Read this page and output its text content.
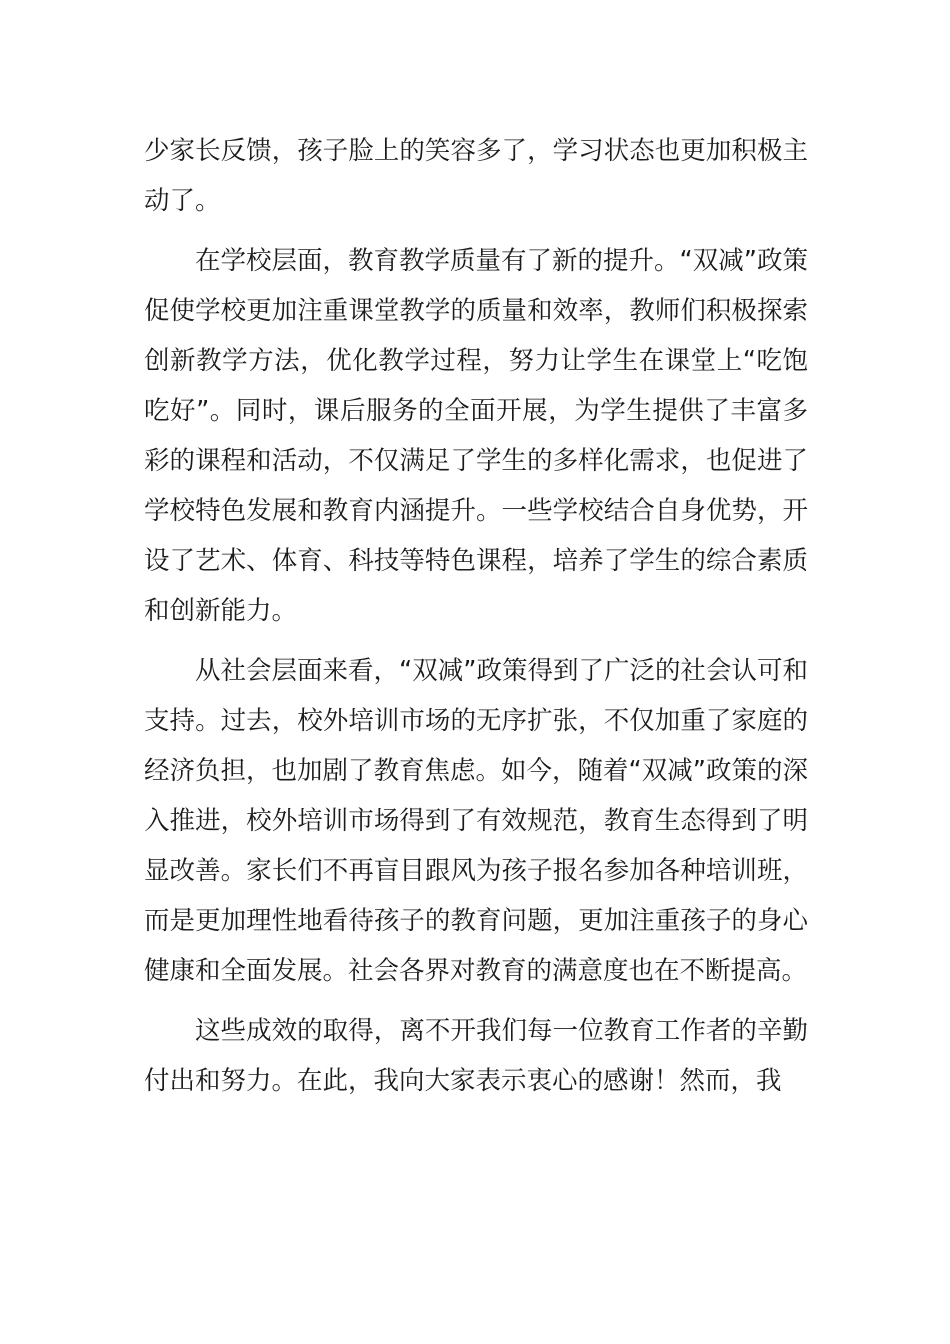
少家长反馈，孩子脸上的笑容多了，学习状态也更加积极主动了。

在学校层面，教育教学质量有了新的提升。“双减”政策促使学校更加注重课堂教学的质量和效率，教师们积极探索创新教学方法，优化教学过程，努力让学生在课堂上“吃饱吃好”。同时，课后服务的全面开展，为学生提供了丰富多彩的课程和活动，不仅满足了学生的多样化需求，也促进了学校特色发展和教育内涵提升。一些学校结合自身优势，开设了艺术、体育、科技等特色课程，培养了学生的综合素质和创新能力。

从社会层面来看，“双减”政策得到了广泛的社会认可和支持。过去，校外培训市场的无序扩张，不仅加重了家庭的经济负担，也加剧了教育焦虑。如今，随着“双减”政策的深入推进，校外培训市场得到了有效规范，教育生态得到了明显改善。家长们不再盲目跟风为孩子报名参加各种培训班，而是更加理性地看待孩子的教育问题，更加注重孩子的身心健康和全面发展。社会各界对教育的满意度也在不断提高。

这些成效的取得，离不开我们每一位教育工作者的辛勤付出和努力。在此，我向大家表示衷心的感谢！然而，我
